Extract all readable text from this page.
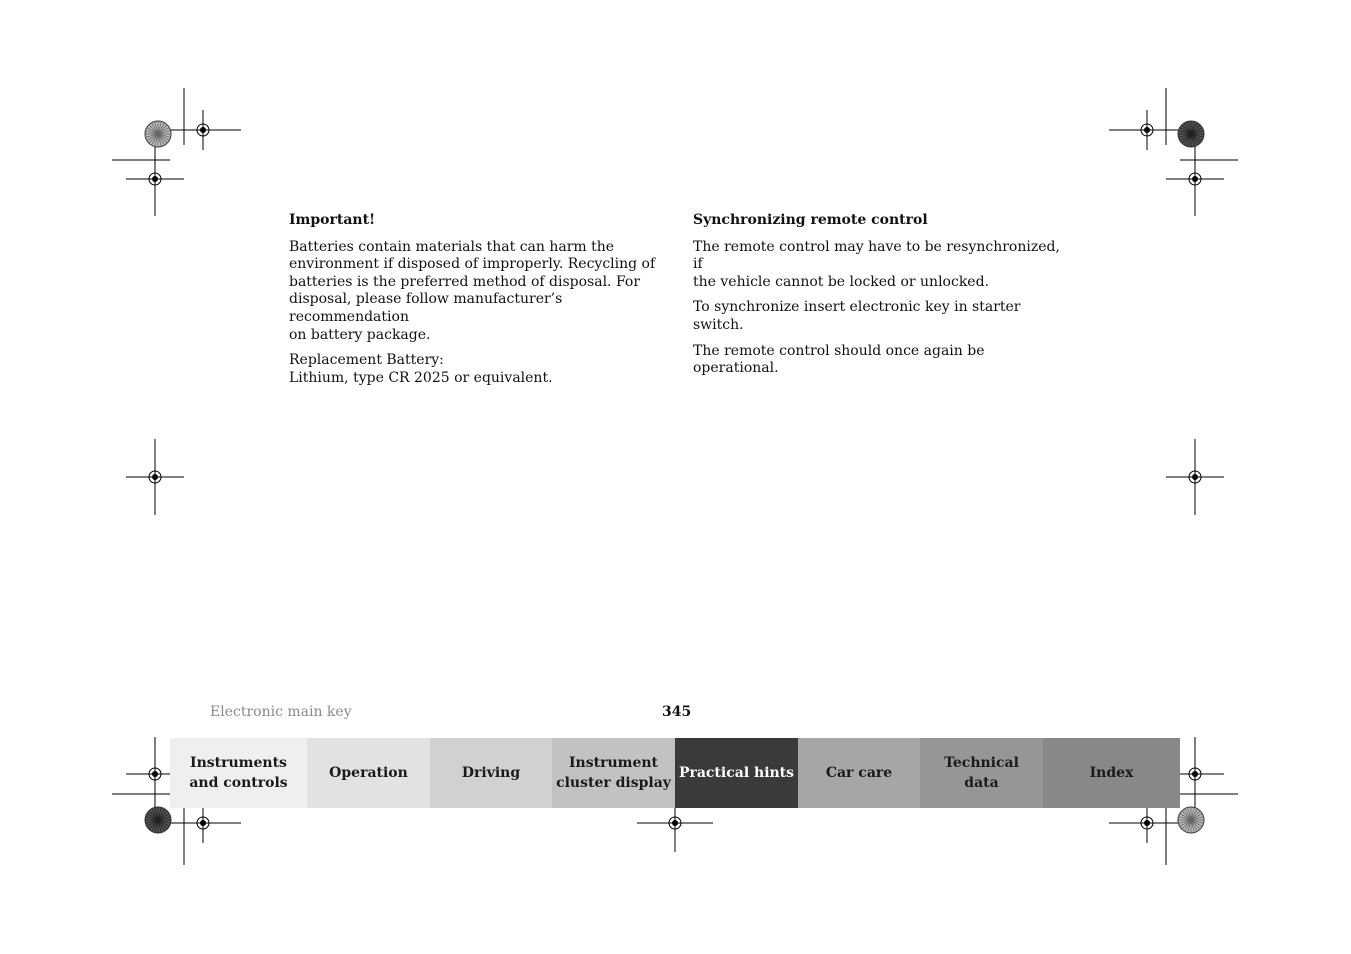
Important!

Batteries contain materials that can harm the
environment if disposed of improperly. Recycling of
batteries is the preferred method of disposal. For
disposal, please follow manufacturer’s recommendation
on battery package.

Replacement Battery:
Lithium, type CR 2025 or equivalent.

Synchronizing remote control

The remote control may have to be resynchronized, if
the vehicle cannot be locked or unlocked.

To synchronize insert electronic key in starter switch.

The remote control should once again be operational.

Electronic main key	345
Instruments
and controls
Operation	Driving
Instrument
cluster display
Practical hints Car care
Technical
data
Index
